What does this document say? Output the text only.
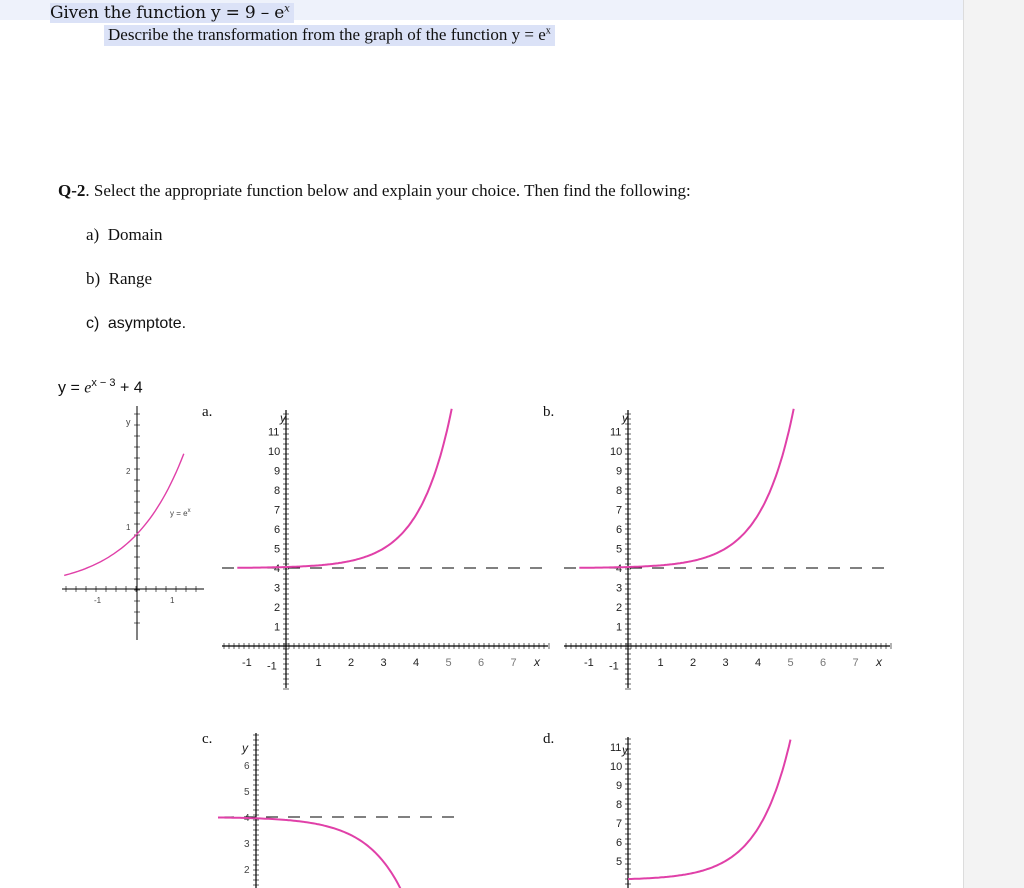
Given the function $y = 9 - e^x$
Describe the transformation from the graph of the function $y = e^x$
Q-2. Select the appropriate function below and explain your choice. Then find the following:
a) Domain
b) Range
c) asymptote.
$y = e^{x - 3} + 4$
y
2
1
-1	1
$y = e^x$
a.	b.
c.	d.
11
10
9
8
7
6
5
4
3
2
1
-1
-1	1 2 3 4 5 6 7 x
y
11
10
9
8
7
6
5
4
3
2
1
-1
-1	1 2 3 4 5 6 7 x
y
y
6
5
4
3
2
y
11
10
9
8
7
6
5
